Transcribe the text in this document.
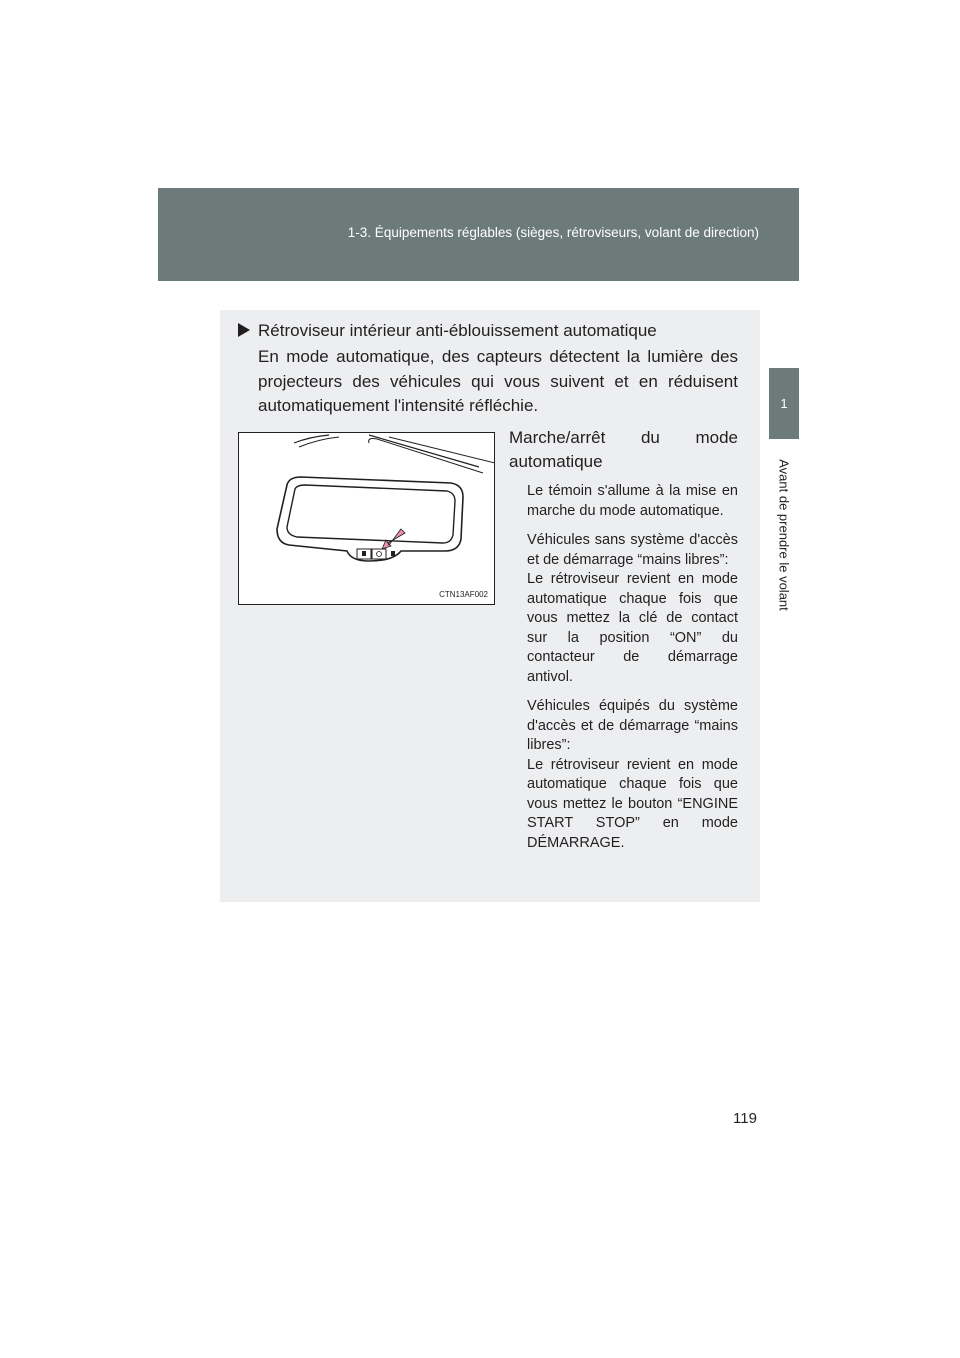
1-3. Équipements réglables (sièges, rétroviseurs, volant de direction)
1
Avant de prendre le volant
Rétroviseur intérieur anti-éblouissement automatique

En mode automatique, des capteurs détectent la lumière des projecteurs des véhicules qui vous suivent et en réduisent automatiquement l'intensité réfléchie.

CTN13AF002
Marche/arrêt du mode automatique

Le témoin s'allume à la mise en marche du mode automatique.

Véhicules sans système d'accès et de démarrage “mains libres”:
Le rétroviseur revient en mode automatique chaque fois que vous mettez la clé de contact sur la position “ON” du contacteur de démarrage antivol.

Véhicules équipés du système d'accès et de démarrage “mains libres”:
Le rétroviseur revient en mode automatique chaque fois que vous mettez le bouton “ENGINE START STOP” en mode DÉMARRAGE.

119
